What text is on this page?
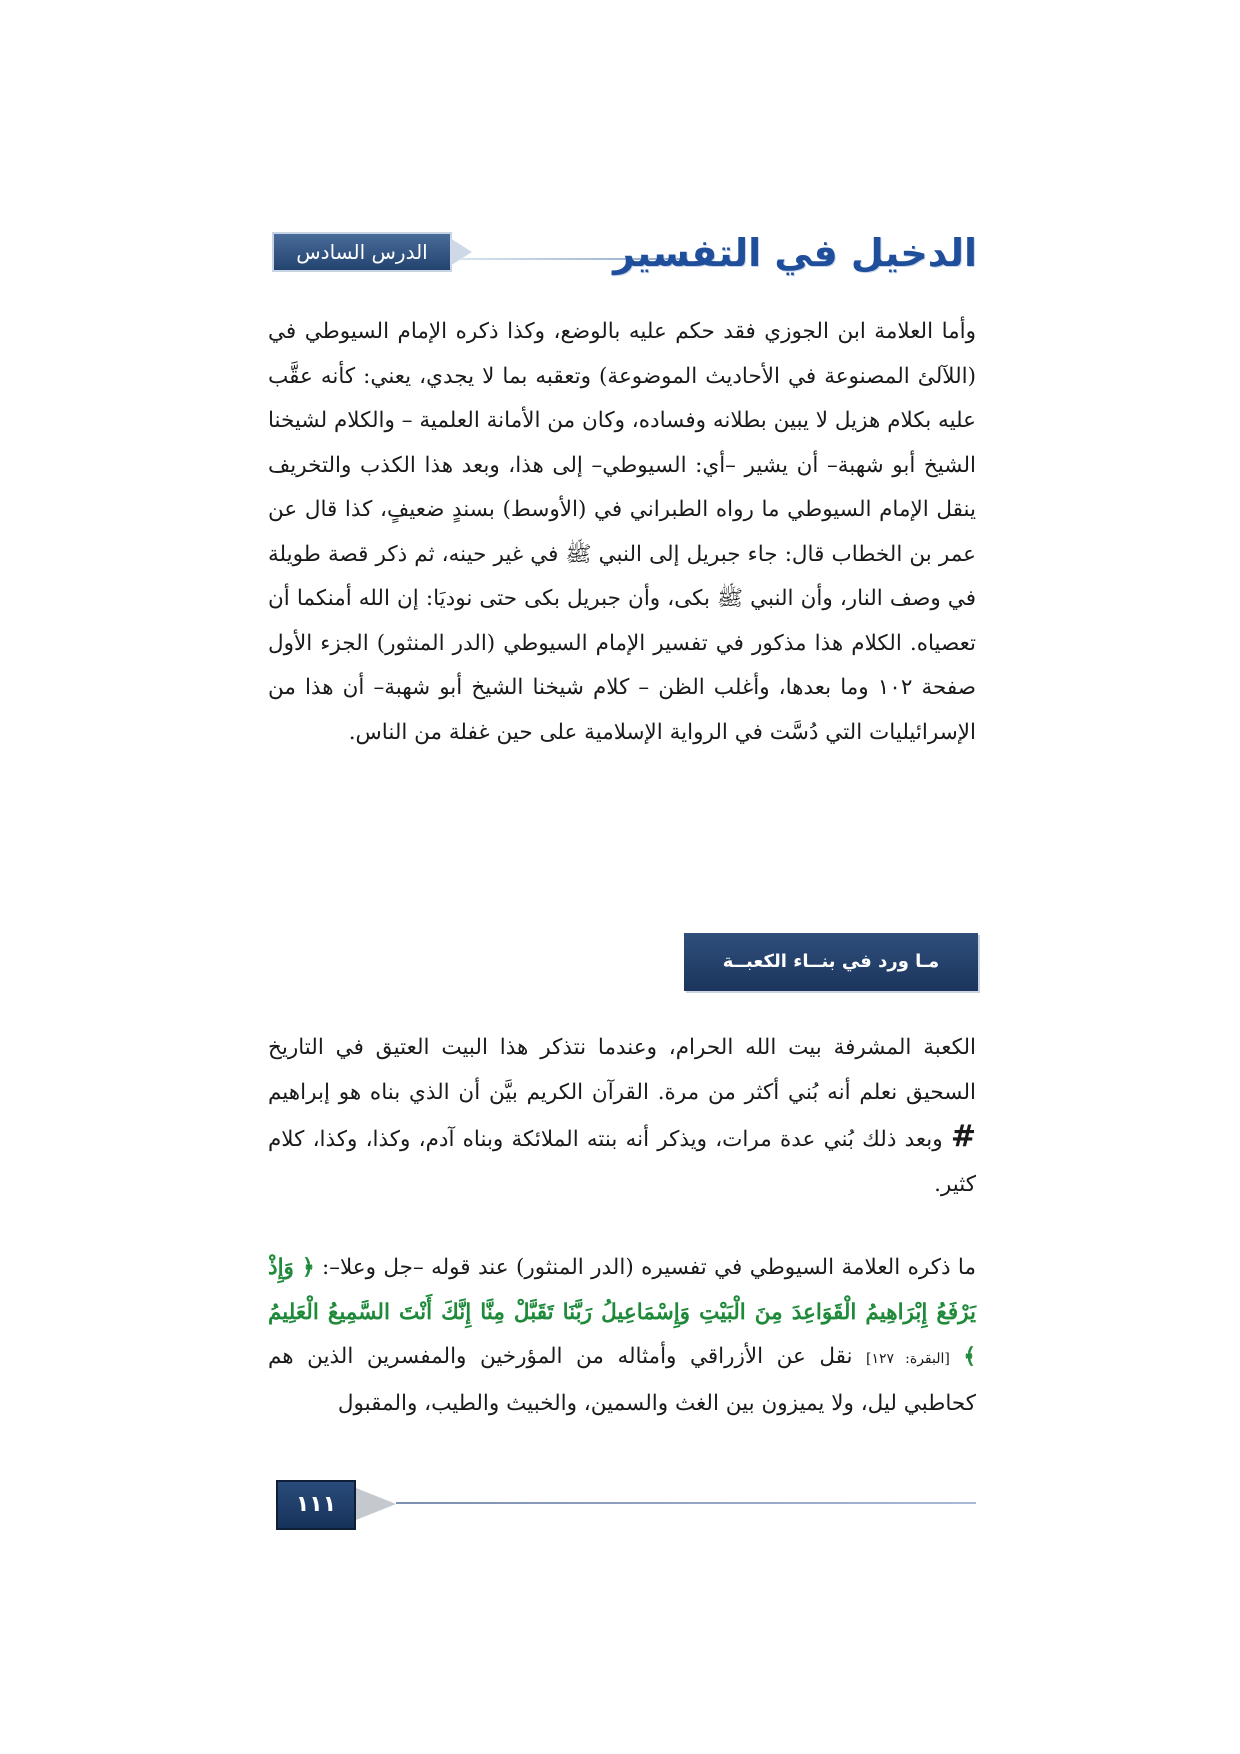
الدرس السادس	الدخيل في التفسير

وأما العلامة ابن الجوزي فقد حكم عليه بالوضع، وكذا ذكره الإمام السيوطي في (اللآلئ المصنوعة في الأحاديث الموضوعة) وتعقبه بما لا يجدي، يعني: كأنه عقَّب عليه بكلام هزيل لا يبين بطلانه وفساده، وكان من الأمانة العلمية – والكلام لشيخنا الشيخ أبو شهبة– أن يشير –أي: السيوطي– إلى هذا، وبعد هذا الكذب والتخريف ينقل الإمام السيوطي ما رواه الطبراني في (الأوسط) بسندٍ ضعيفٍ، كذا قال عن عمر بن الخطاب قال: جاء جبريل إلى النبي ﷺ في غير حينه، ثم ذكر قصة طويلة في وصف النار، وأن النبي ﷺ بكى، وأن جبريل بكى حتى نوديَا: إن الله أمنكما أن تعصياه. الكلام هذا مذكور في تفسير الإمام السيوطي (الدر المنثور) الجزء الأول صفحة ١٠٢ وما بعدها، وأغلب الظن – كلام شيخنا الشيخ أبو شهبة– أن هذا من الإسرائيليات التي دُسَّت في الرواية الإسلامية على حين غفلة من الناس.

مـا ورد في بنــاء الكعبــة المــشرفة

الكعبة المشرفة بيت الله الحرام، وعندما نتذكر هذا البيت العتيق في التاريخ السحيق نعلم أنه بُني أكثر من مرة. القرآن الكريم بيَّن أن الذي بناه هو إبراهيم # وبعد ذلك بُني عدة مرات، ويذكر أنه بنته الملائكة وبناه آدم، وكذا، وكذا، كلام كثير.

ما ذكره العلامة السيوطي في تفسيره (الدر المنثور) عند قوله –جل وعلا–: ﴿ وَإِذْ يَرْفَعُ إِبْرَاهِيمُ الْقَوَاعِدَ مِنَ الْبَيْتِ وَإِسْمَاعِيلُ رَبَّنَا تَقَبَّلْ مِنَّا إِنَّكَ أَنْتَ السَّمِيعُ الْعَلِيمُ ﴾ [البقرة: ١٢٧] نقل عن الأزراقي وأمثاله من المؤرخين والمفسرين الذين هم كحاطبي ليل، ولا يميزون بين الغث والسمين، والخبيث والطيب، والمقبول

١١١
